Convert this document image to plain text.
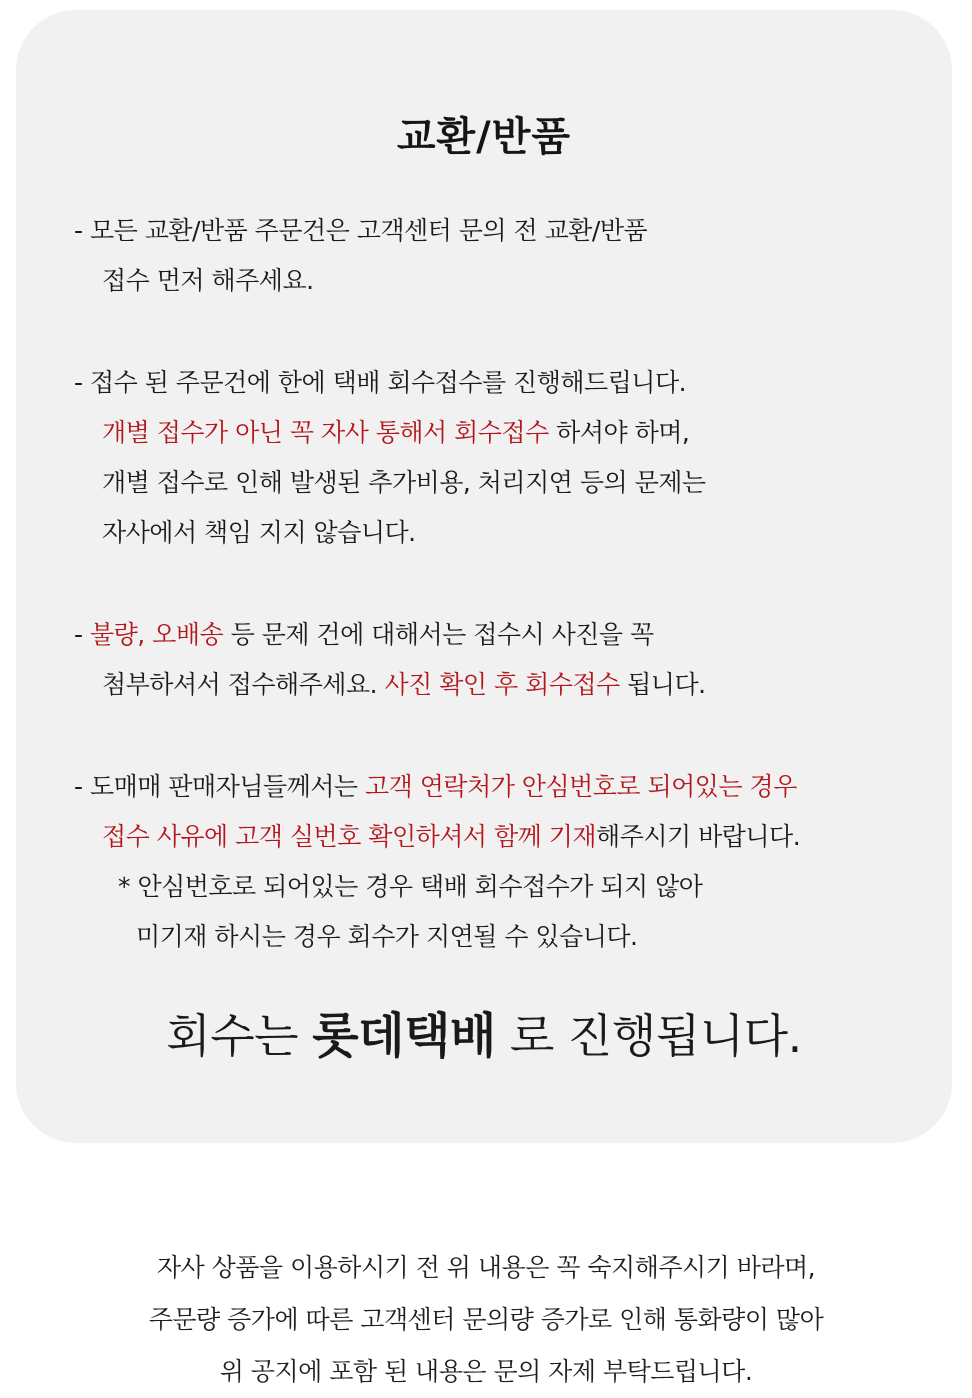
교환/반품
- 모든 교환/반품 주문건은 고객센터 문의 전 교환/반품
접수 먼저 해주세요.
- 접수 된 주문건에 한에 택배 회수접수를 진행해드립니다.
개별 접수가 아닌 꼭 자사 통해서 회수접수 하셔야 하며,
개별 접수로 인해 발생된 추가비용, 처리지연 등의 문제는
자사에서 책임 지지 않습니다.
- 불량, 오배송 등 문제 건에 대해서는 접수시 사진을 꼭
첨부하셔서 접수해주세요. 사진 확인 후 회수접수 됩니다.
- 도매매 판매자님들께서는 고객 연락처가 안심번호로 되어있는 경우
접수 사유에 고객 실번호 확인하셔서 함께 기재해주시기 바랍니다.
* 안심번호로 되어있는 경우 택배 회수접수가 되지 않아
미기재 하시는 경우 회수가 지연될 수 있습니다.
회수는 롯데택배 로 진행됩니다.
자사 상품을 이용하시기 전 위 내용은 꼭 숙지해주시기 바라며,
주문량 증가에 따른 고객센터 문의량 증가로 인해 통화량이 많아
위 공지에 포함 된 내용은 문의 자제 부탁드립니다.
